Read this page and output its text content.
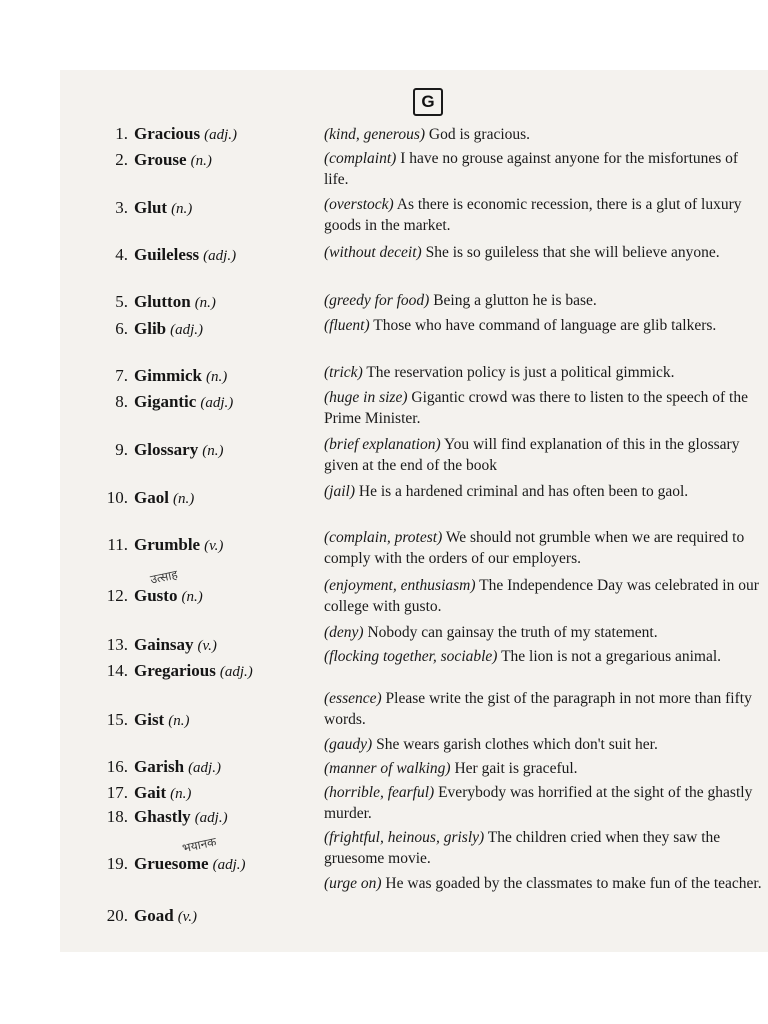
G
1. Gracious (adj.)
2. Grouse (n.)
3. Glut (n.)
4. Guileless (adj.)
5. Glutton (n.)
6. Glib (adj.)
7. Gimmick (n.)
8. Gigantic (adj.)
9. Glossary (n.)
10. Gaol (n.)
11. Grumble (v.)
12. Gusto (n.)
13. Gainsay (v.)
14. Gregarious (adj.)
15. Gist (n.)
16. Garish (adj.)
17. Gait (n.)
18. Ghastly (adj.)
19. Gruesome (adj.)
20. Goad (v.)
(kind, generous) God is gracious.
(complaint) I have no grouse against anyone for the misfortunes of life.
(overstock) As there is economic recession, there is a glut of luxury goods in the market.
(without deceit) She is so guileless that she will believe anyone.
(greedy for food) Being a glutton he is base.
(fluent) Those who have command of language are glib talkers.
(trick) The reservation policy is just a political gimmick.
(huge in size) Gigantic crowd was there to listen to the speech of the Prime Minister.
(brief explanation) You will find explanation of this in the glossary given at the end of the book
(jail) He is a hardened criminal and has often been to gaol.
(complain, protest) We should not grumble when we are required to comply with the orders of our employers.
(enjoyment, enthusiasm) The Independence Day was celebrated in our college with gusto.
(deny) Nobody can gainsay the truth of my statement.
(flocking together, sociable) The lion is not a gregarious animal.
(essence) Please write the gist of the paragraph in not more than fifty words.
(gaudy) She wears garish clothes which don't suit her.
(manner of walking) Her gait is graceful.
(horrible, fearful) Everybody was horrified at the sight of the ghastly murder.
(frightful, heinous, grisly) The children cried when they saw the gruesome movie.
(urge on) He was goaded by the classmates to make fun of the teacher.
उत्साह
भयानक
